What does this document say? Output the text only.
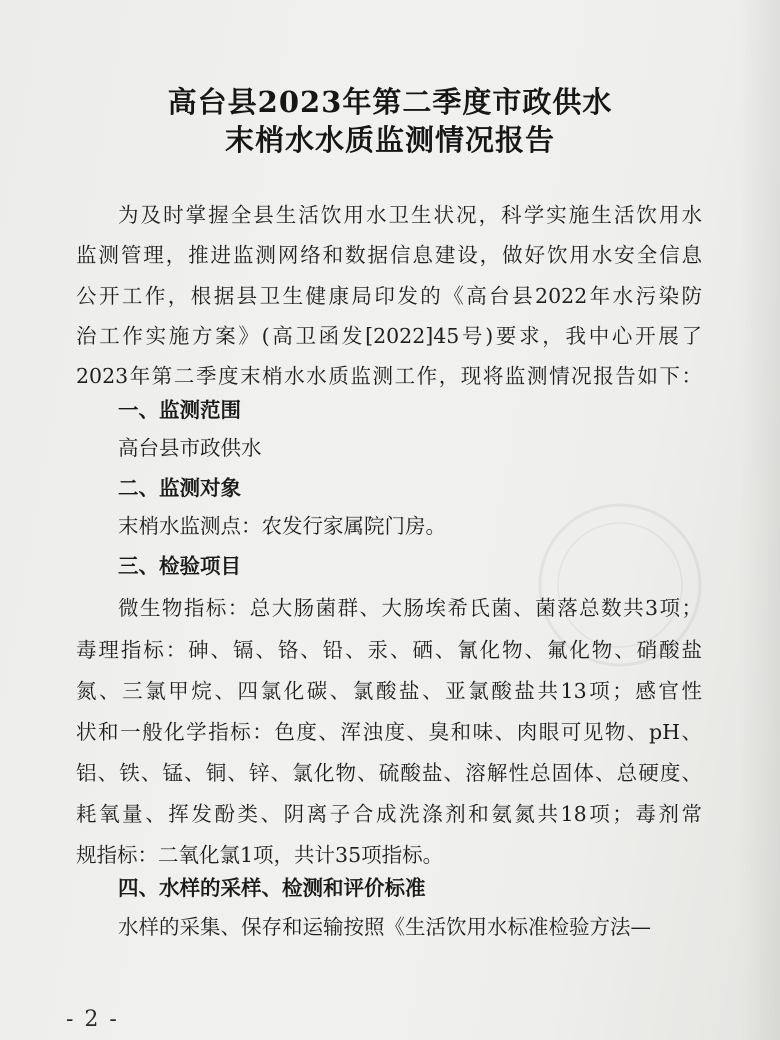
高台县2023年第二季度市政供水
末梢水水质监测情况报告
为及时掌握全县生活饮用水卫生状况，科学实施生活饮用水
监测管理，推进监测网络和数据信息建设，做好饮用水安全信息
公开工作，根据县卫生健康局印发的《高台县2022年水污染防
治工作实施方案》(高卫函发[2022]45号)要求，我中心开展了
2023年第二季度末梢水水质监测工作，现将监测情况报告如下：
一、监测范围
高台县市政供水
二、监测对象
末梢水监测点：农发行家属院门房。
三、检验项目
微生物指标：总大肠菌群、大肠埃希氏菌、菌落总数共3项；
毒理指标：砷、镉、铬、铅、汞、硒、氰化物、氟化物、硝酸盐
氮、三氯甲烷、四氯化碳、氯酸盐、亚氯酸盐共13项；感官性
状和一般化学指标：色度、浑浊度、臭和味、肉眼可见物、pH、
铝、铁、锰、铜、锌、氯化物、硫酸盐、溶解性总固体、总硬度、
耗氧量、挥发酚类、阴离子合成洗涤剂和氨氮共18项；毒剂常
规指标：二氧化氯1项，共计35项指标。
四、水样的采样、检测和评价标准
水样的采集、保存和运输按照《生活饮用水标准检验方法—
- 2 -
